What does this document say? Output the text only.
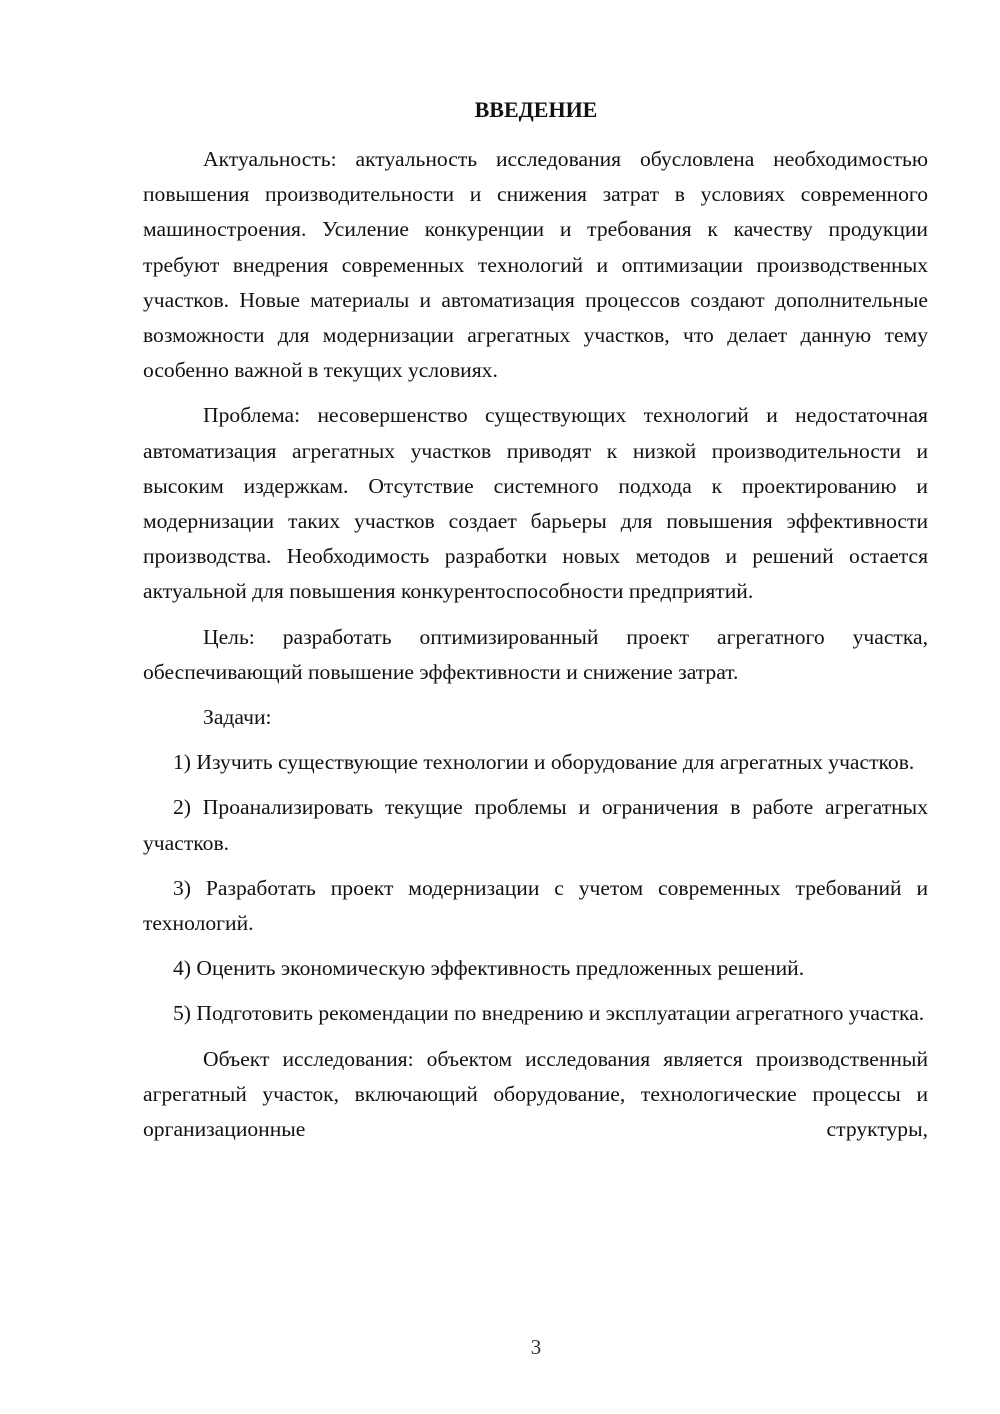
ВВЕДЕНИЕ

Актуальность: актуальность исследования обусловлена необходимостью повышения производительности и снижения затрат в условиях современного машиностроения. Усиление конкуренции и требования к качеству продукции требуют внедрения современных технологий и оптимизации производственных участков. Новые материалы и автоматизация процессов создают дополнительные возможности для модернизации агрегатных участков, что делает данную тему особенно важной в текущих условиях.

Проблема: несовершенство существующих технологий и недостаточная автоматизация агрегатных участков приводят к низкой производительности и высоким издержкам. Отсутствие системного подхода к проектированию и модернизации таких участков создает барьеры для повышения эффективности производства. Необходимость разработки новых методов и решений остается актуальной для повышения конкурентоспособности предприятий.

Цель: разработать оптимизированный проект агрегатного участка, обеспечивающий повышение эффективности и снижение затрат.

Задачи:

1) Изучить существующие технологии и оборудование для агрегатных участков.

2) Проанализировать текущие проблемы и ограничения в работе агрегатных участков.

3) Разработать проект модернизации с учетом современных требований и технологий.

4) Оценить экономическую эффективность предложенных решений.

5) Подготовить рекомендации по внедрению и эксплуатации агрегатного участка.

Объект исследования: объектом исследования является производственный агрегатный участок, включающий оборудование, технологические процессы и организационные структуры,

3
